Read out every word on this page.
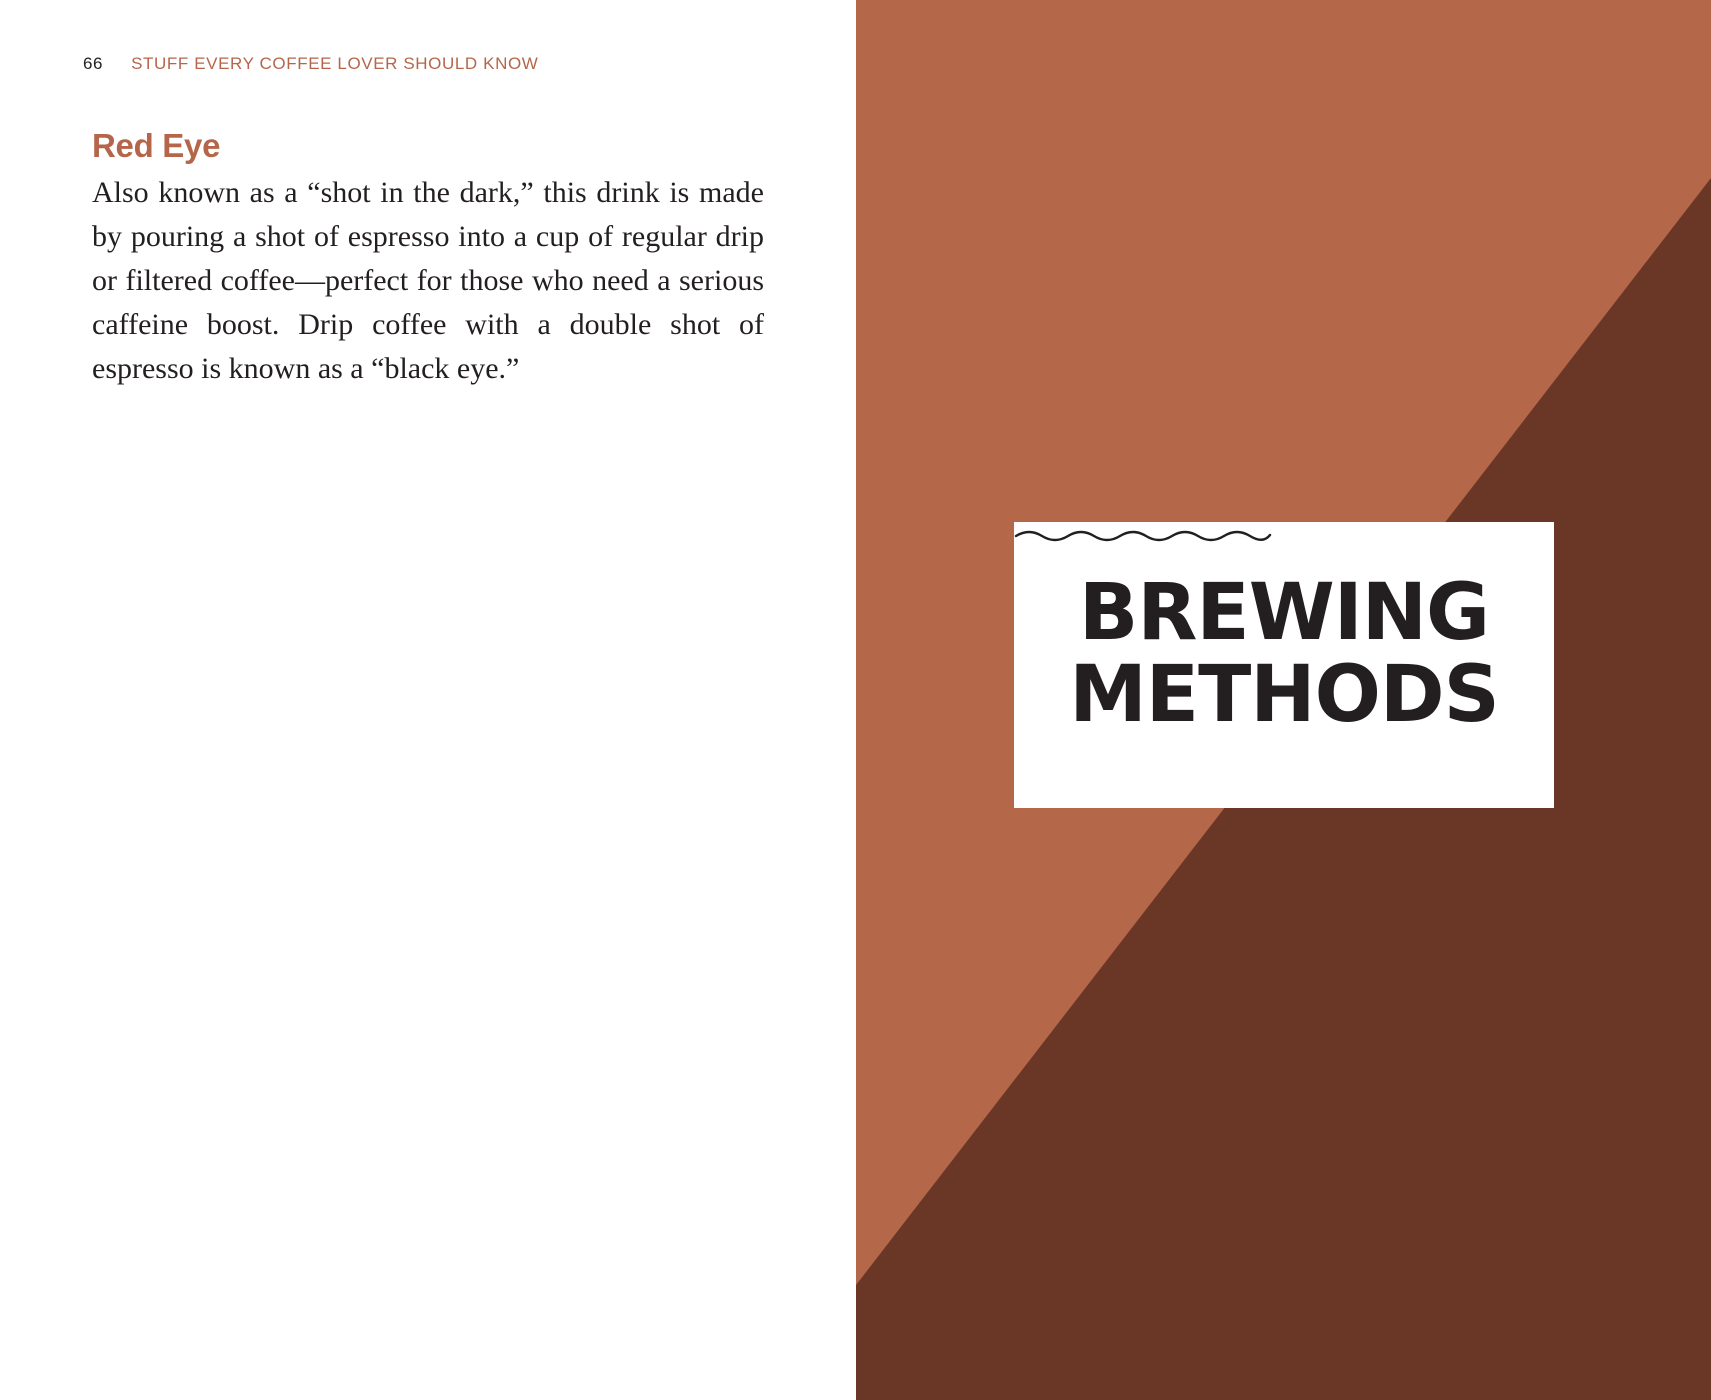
66 STUFF EVERY COFFEE LOVER SHOULD KNOW
Red Eye

Also known as a “shot in the dark,” this drink is made by pouring a shot of espresso into a cup of regular drip or filtered coffee—perfect for those who need a serious caffeine boost. Drip coffee with a double shot of espresso is known as a “black eye.”

BREWING
METHODS
